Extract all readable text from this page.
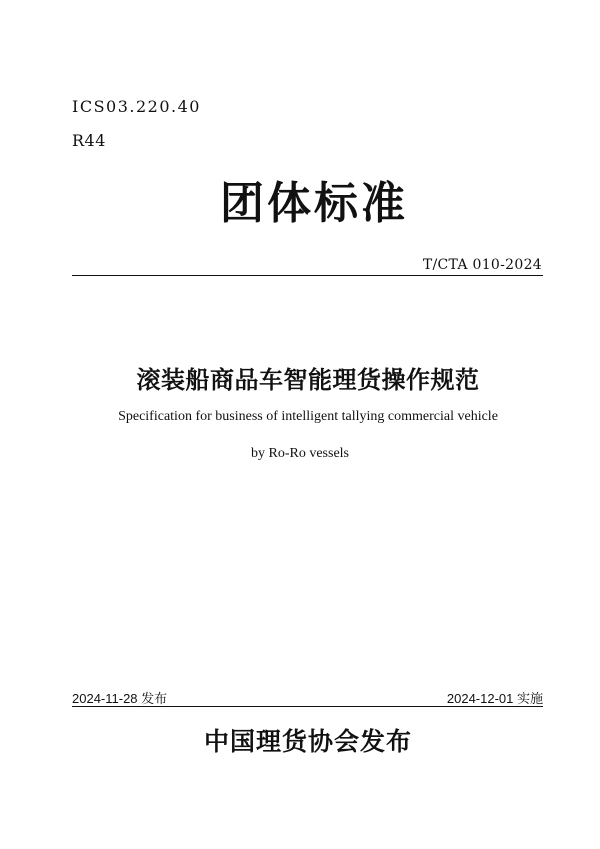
ICS03.220.40

R44

团体标准

T/CTA 010-2024

滚装船商品车智能理货操作规范

Specification for business of intelligent tallying commercial vehicle

by Ro-Ro vessels

2024-11-28 发布	2024-12-01 实施

中国理货协会发布
